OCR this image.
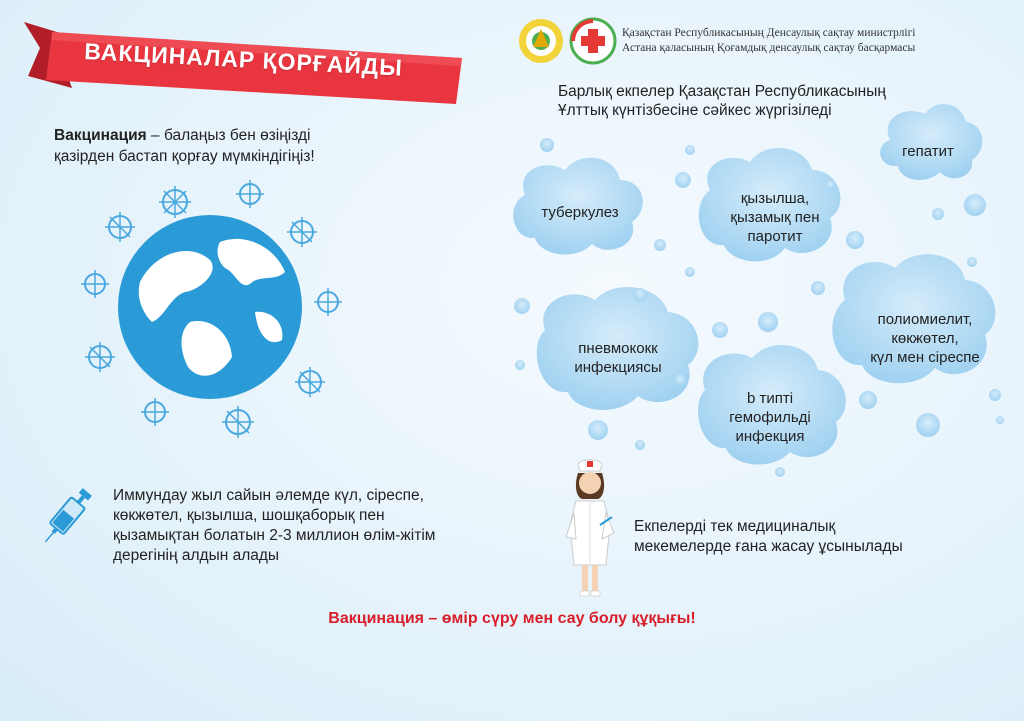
ВАКЦИНАЛАР ҚОРҒАЙДЫ
Қазақстан Республикасының Денсаулық сақтау министрлігі
Астана қаласының Қоғамдық денсаулық сақтау басқармасы
Барлық екпелер Қазақстан Республикасының
Ұлттық күнтізбесіне сәйкес жүргізіледі
Вакцинация – балаңыз бен өзіңізді
қазірден бастап қорғау мүмкіндігіңіз!	гепатит
туберкулез
қызылша,
қызамық пен
паротит
полиомиелит,
көкжөтел,
күл мен сіреспе
пневмококк
инфекциясы
b типті
гемофильді
инфекция
Иммундау жыл сайын әлемде күл, сіреспе,
көкжөтел, қызылша, шошқаборық пен
қызамықтан болатын 2-3 миллион өлім-жітім
дерегінің алдын алады
Екпелерді тек медициналық
мекемелерде ғана жасау ұсынылады
Вакцинация – өмір сүру мен сау болу құқығы!
